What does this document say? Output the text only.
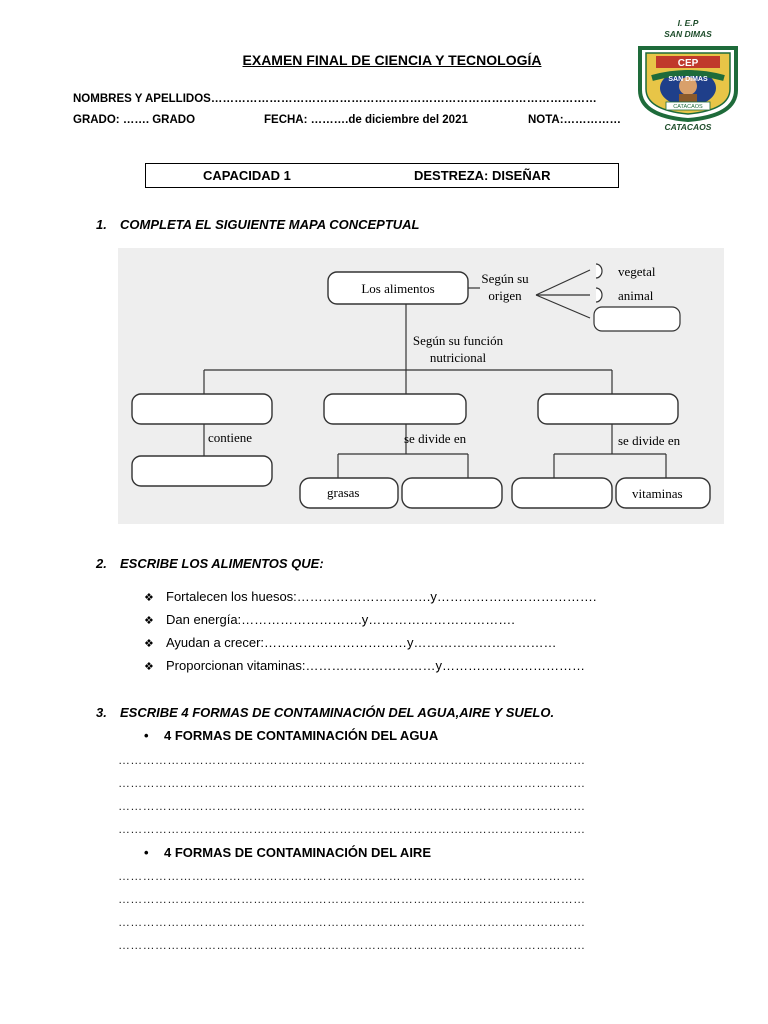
EXAMEN FINAL DE CIENCIA Y TECNOLOGÍA
NOMBRES Y APELLIDOS………………………………………………………………………………………
GRADO: ……. GRADO	FECHA: ……….de diciembre del 2021	NOTA:……………
I. E.P
SAN DIMAS
CEP
SAN DIMAS
CATACAOS
CATACAOS
CAPACIDAD 1	DESTREZA: DISEÑAR
1. COMPLETA EL SIGUIENTE MAPA CONCEPTUAL
Los alimentos
Según su
origen
vegetal
animal
Según su función
nutricional
contiene	se divide en
grasas
se divide en
vitaminas
2. ESCRIBE LOS ALIMENTOS QUE:
❖ Fortalecen los huesos:………………………….y……………………………….
❖ Dan energía:……………………….y…………………………….
❖ Ayudan a crecer:……………………………y……………………………
❖ Proporcionan vitaminas:…………………………y……………………………
3. ESCRIBE 4 FORMAS DE CONTAMINACIÓN DEL AGUA,AIRE Y SUELO.
• 4 FORMAS DE CONTAMINACIÓN DEL AGUA
……………………………………………………………………………………………………
……………………………………………………………………………………………………
……………………………………………………………………………………………………
……………………………………………………………………………………………………
• 4 FORMAS DE CONTAMINACIÓN DEL AIRE
……………………………………………………………………………………………………
……………………………………………………………………………………………………
……………………………………………………………………………………………………
……………………………………………………………………………………………………
